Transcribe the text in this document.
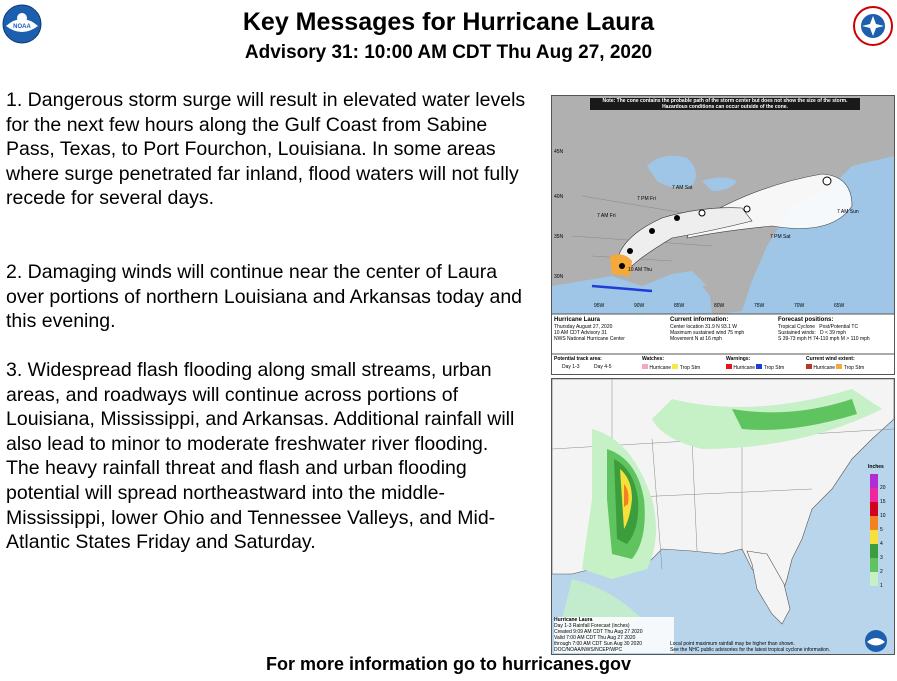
NOAA	Key Messages for Hurricane Laura
Advisory 31: 10:00 AM CDT Thu Aug 27, 2020
1. Dangerous storm surge will result in elevated water levels for the next few hours along the Gulf Coast from Sabine Pass, Texas, to Port Fourchon, Louisiana. In some areas where surge penetrated far inland, flood waters will not fully recede for several days.
2. Damaging winds will continue near the center of Laura over portions of northern Louisiana and Arkansas today and this evening.
3. Widespread flash flooding along small streams, urban areas, and roadways will continue across portions of Louisiana, Mississippi, and Arkansas. Additional rainfall will also lead to minor to moderate freshwater river flooding. The heavy rainfall threat and flash and urban flooding potential will spread northeastward into the middle-Mississippi, lower Ohio and Tennessee Valleys, and Mid-Atlantic States Friday and Saturday.
Note: The cone contains the probable path of the storm center but does not show the size of the storm. Hazardous conditions can occur outside of the cone.
45N
40N
35N
30N
95W	90W	85W	80W	75W	70W	65W
7 AM Sat
7 PM Fri
7 AM Fri
7 PM Sat
7 AM Sun
10 AM Thu
Hurricane Laura
Thursday August 27, 2020
10 AM CDT Advisory 31
NWS National Hurricane Center
Current information:
Center location 31.9 N 93.1 W
Maximum sustained wind 75 mph
Movement N at 16 mph
Forecast positions:
Tropical Cyclone Post/Potential TC
Sustained winds: D < 39 mph
S 39-73 mph H 74-110 mph M > 110 mph
Potential track area:
Day 1-3	Day 4-5
Watches:
Hurricane Trop Stm
Warnings:
Hurricane Trop Stm
Current wind extent:
Hurricane Trop Stm
Inches
20
15
10
5
4
3
2
1
Hurricane Laura
Day 1-3 Rainfall Forecast (inches)
Created 9:09 AM CDT Thu Aug 27 2020
Valid 7:00 AM CDT Thu Aug 27 2020
through 7:00 AM CDT Sun Aug 30 2020
DOC/NOAA/NWS/NCEP/WPC
Local point maximum rainfall may be higher than shown.
See the NHC public advisories for the latest tropical cyclone information.
For more information go to hurricanes.gov
